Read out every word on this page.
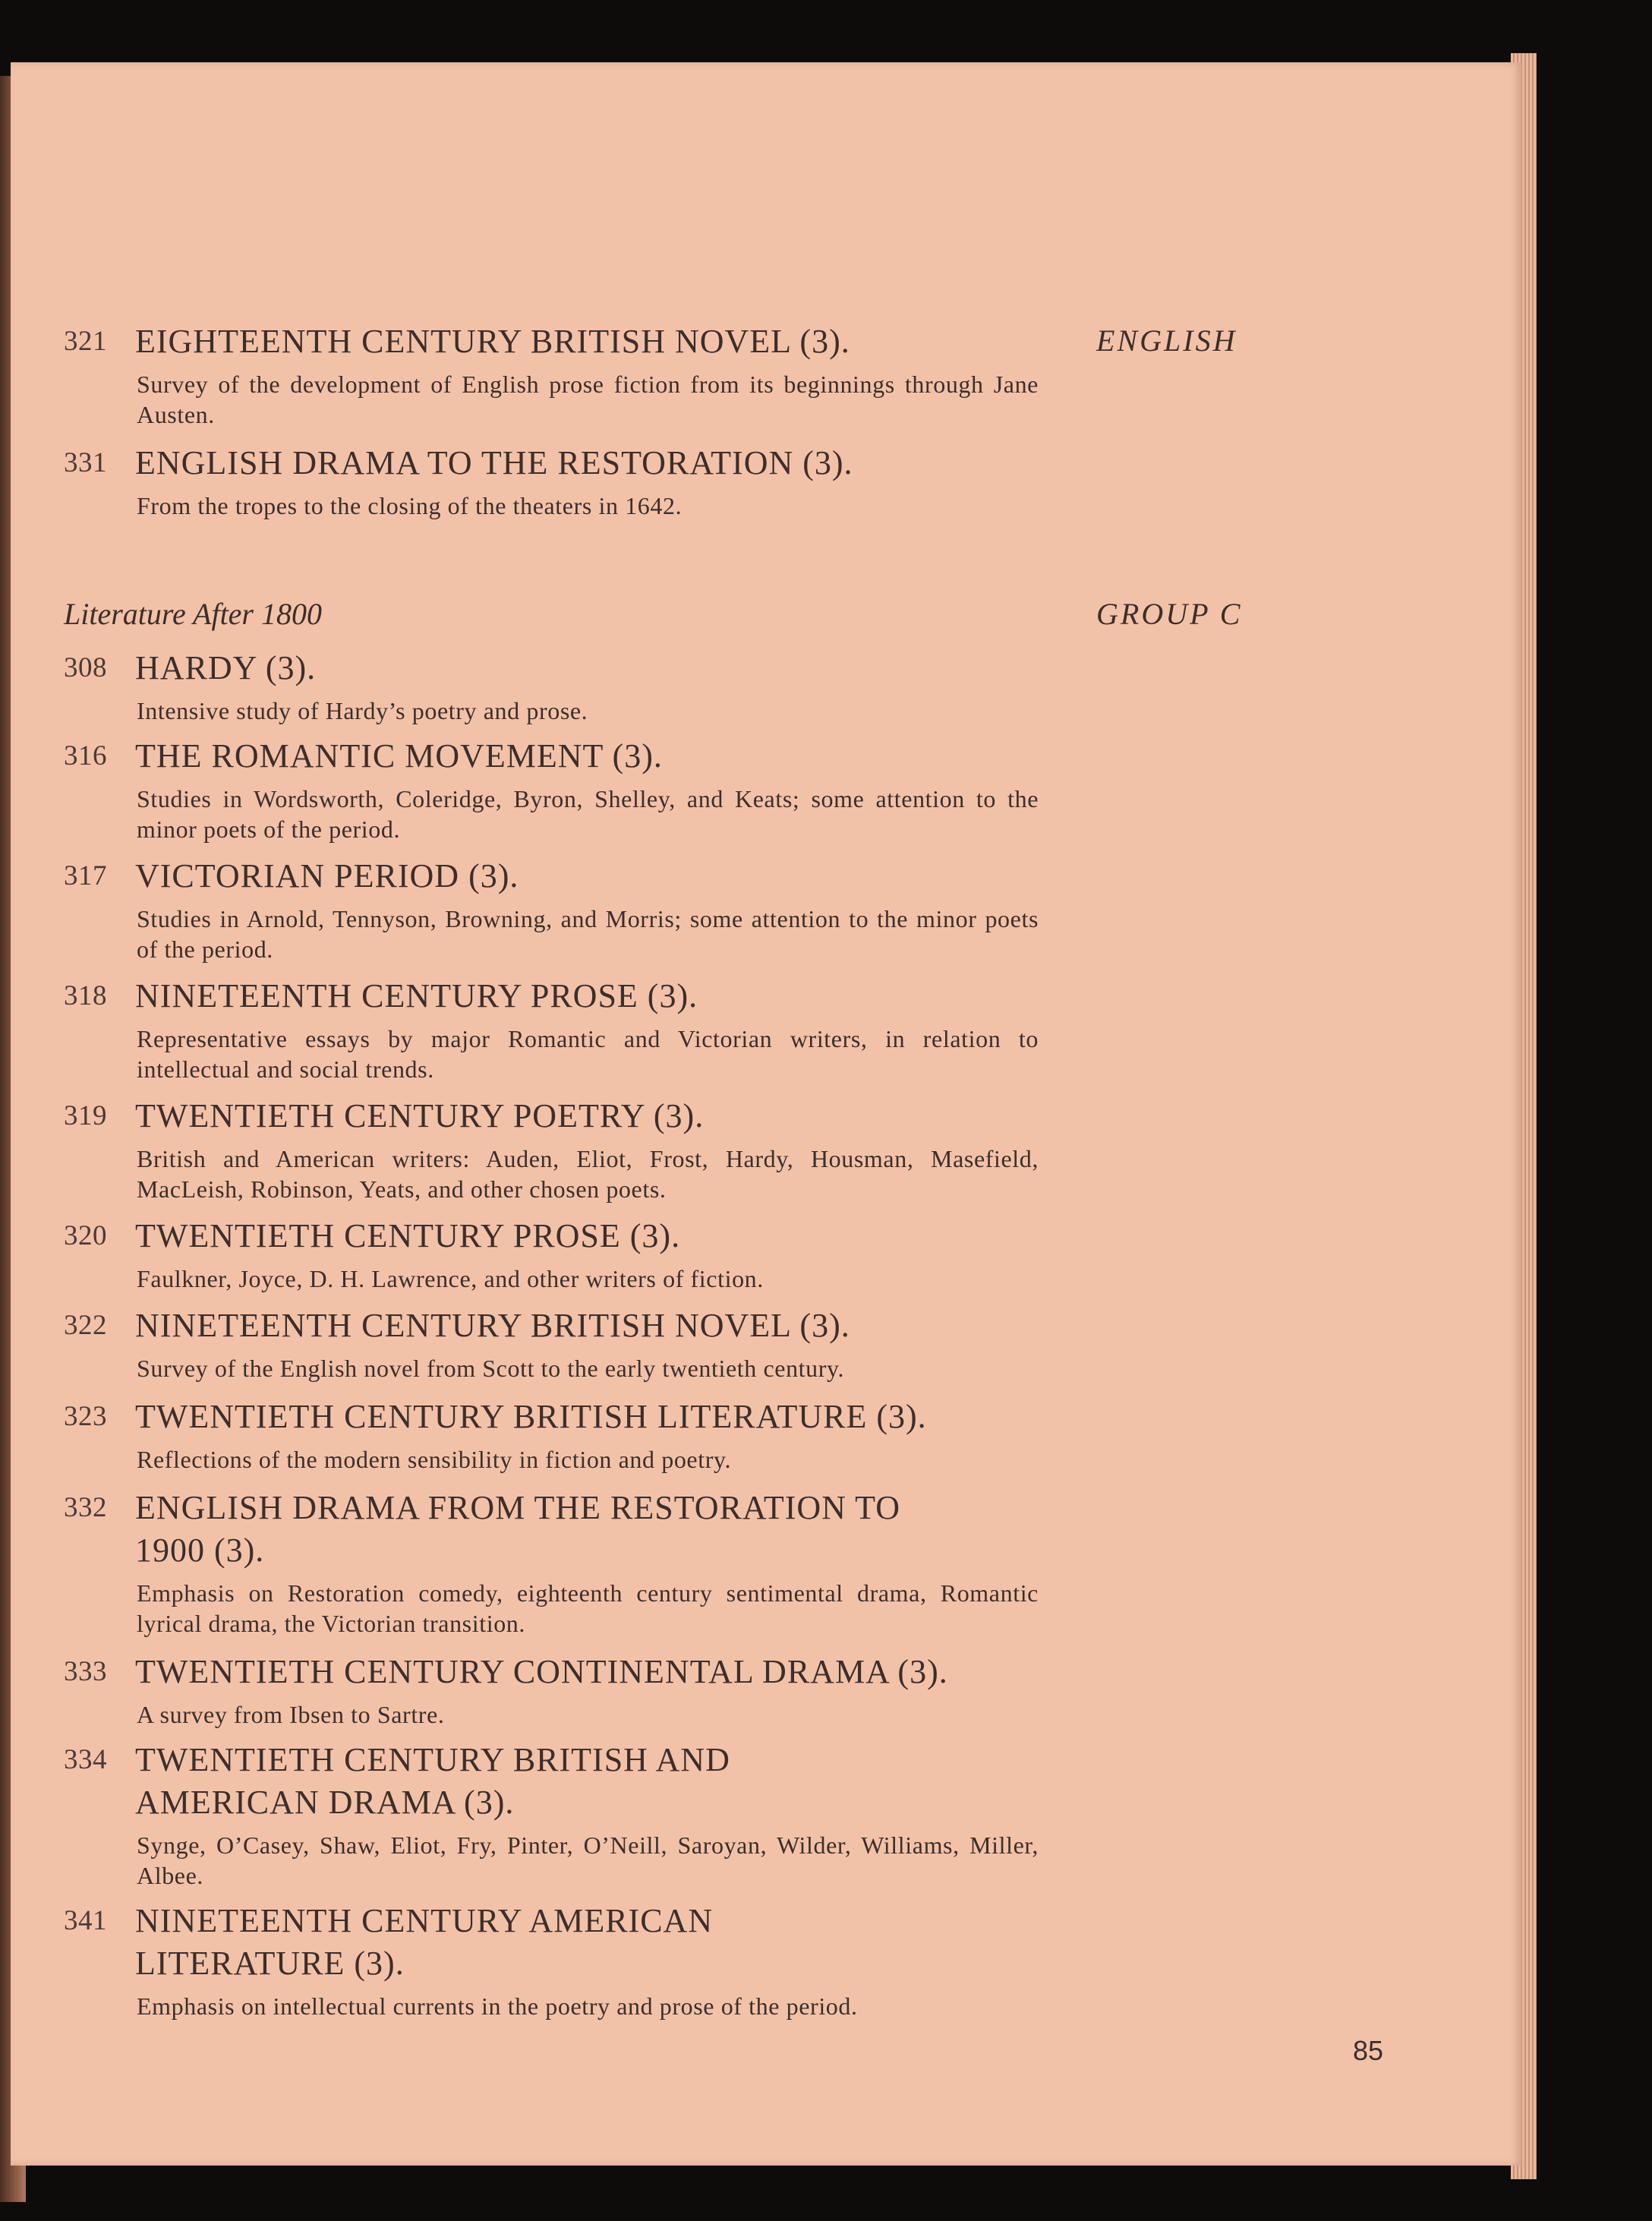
ENGLISH
321 EIGHTEENTH CENTURY BRITISH NOVEL (3).
Survey of the development of English prose fiction from its beginnings through Jane Austen.
331 ENGLISH DRAMA TO THE RESTORATION (3).
From the tropes to the closing of the theaters in 1642.
Literature After 1800	GROUP C
308 HARDY (3).
Intensive study of Hardy’s poetry and prose.
316 THE ROMANTIC MOVEMENT (3).
Studies in Wordsworth, Coleridge, Byron, Shelley, and Keats; some attention to the minor poets of the period.
317 VICTORIAN PERIOD (3).
Studies in Arnold, Tennyson, Browning, and Morris; some attention to the minor poets of the period.
318 NINETEENTH CENTURY PROSE (3).
Representative essays by major Romantic and Victorian writers, in relation to intellectual and social trends.
319 TWENTIETH CENTURY POETRY (3).
British and American writers: Auden, Eliot, Frost, Hardy, Housman, Masefield, MacLeish, Robinson, Yeats, and other chosen poets.
320 TWENTIETH CENTURY PROSE (3).
Faulkner, Joyce, D. H. Lawrence, and other writers of fiction.
322 NINETEENTH CENTURY BRITISH NOVEL (3).
Survey of the English novel from Scott to the early twentieth century.
323 TWENTIETH CENTURY BRITISH LITERATURE (3).
Reflections of the modern sensibility in fiction and poetry.
332 ENGLISH DRAMA FROM THE RESTORATION TO 1900 (3).
Emphasis on Restoration comedy, eighteenth century sentimental drama, Romantic lyrical drama, the Victorian transition.
333 TWENTIETH CENTURY CONTINENTAL DRAMA (3).
A survey from Ibsen to Sartre.
334 TWENTIETH CENTURY BRITISH AND AMERICAN DRAMA (3).
Synge, O’Casey, Shaw, Eliot, Fry, Pinter, O’Neill, Saroyan, Wilder, Williams, Miller, Albee.
341 NINETEENTH CENTURY AMERICAN LITERATURE (3).
Emphasis on intellectual currents in the poetry and prose of the period.
85
